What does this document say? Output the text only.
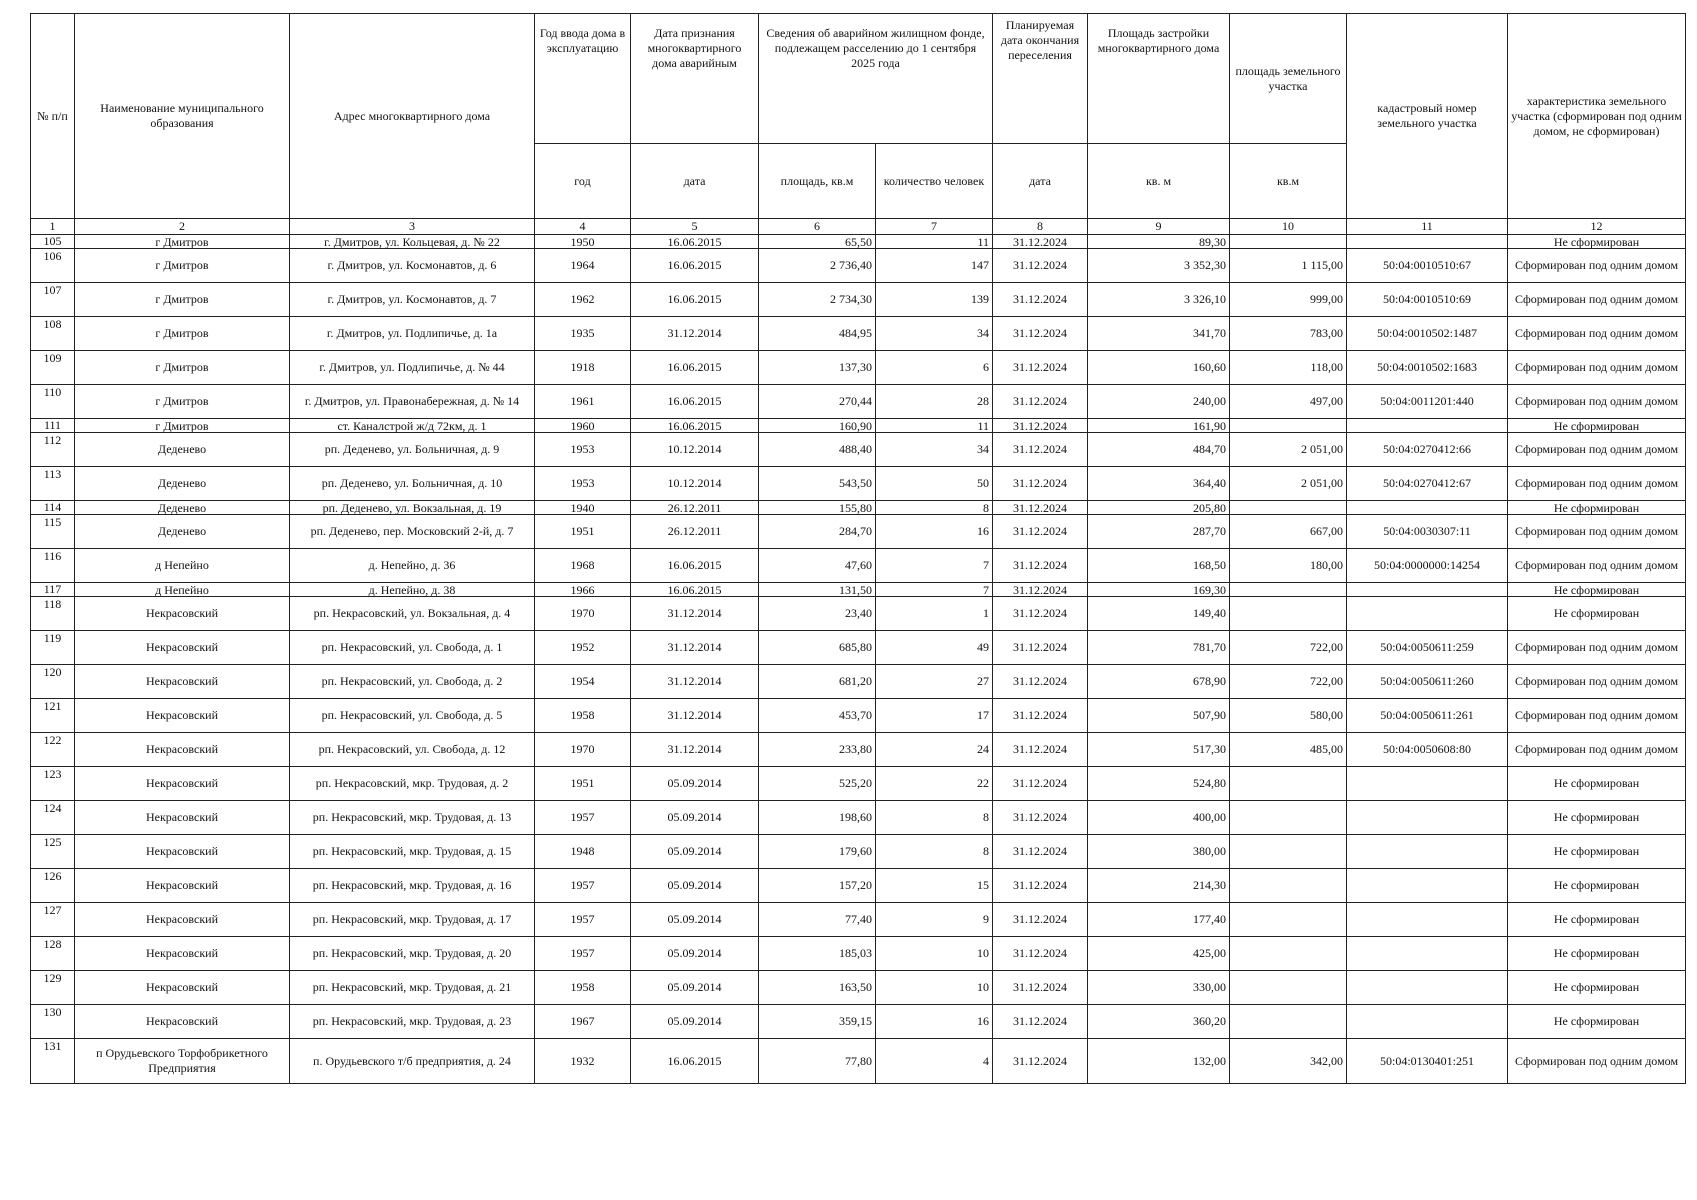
№ п/п	Наименование муниципального образования	Адрес многоквартирного дома	Год ввода дома в эксплуатацию	Дата признания многоквартирного дома аварийным	Сведения об аварийном жилищном фонде, подлежащем расселению до 1 сентября 2025 года		Планируемая дата окончания переселения	Площадь застройки многоквартирного дома	площадь земельного участка	кадастровый номер земельного участка	характеристика земельного участка (сформирован под одним домом, не сформирован)
			год	дата	площадь, кв.м	количество человек	дата	кв. м	кв.м		
1	2	3	4	5	6	7	8	9	10	11	12
105	г Дмитров	г. Дмитров, ул. Кольцевая, д. № 22	1950	16.06.2015	65,50	11	31.12.2024	89,30			Не сформирован
106	г Дмитров	г. Дмитров, ул. Космонавтов, д. 6	1964	16.06.2015	2 736,40	147	31.12.2024	3 352,30	1 115,00	50:04:0010510:67	Сформирован под одним домом
107	г Дмитров	г. Дмитров, ул. Космонавтов, д. 7	1962	16.06.2015	2 734,30	139	31.12.2024	3 326,10	999,00	50:04:0010510:69	Сформирован под одним домом
108	г Дмитров	г. Дмитров, ул. Подлипичье, д. 1а	1935	31.12.2014	484,95	34	31.12.2024	341,70	783,00	50:04:0010502:1487	Сформирован под одним домом
109	г Дмитров	г. Дмитров, ул. Подлипичье, д. № 44	1918	16.06.2015	137,30	6	31.12.2024	160,60	118,00	50:04:0010502:1683	Сформирован под одним домом
110	г Дмитров	г. Дмитров, ул. Правонабережная, д. № 14	1961	16.06.2015	270,44	28	31.12.2024	240,00	497,00	50:04:0011201:440	Сформирован под одним домом
111	г Дмитров	ст. Каналстрой ж/д 72км, д. 1	1960	16.06.2015	160,90	11	31.12.2024	161,90			Не сформирован
112	Деденево	рп. Деденево, ул. Больничная, д. 9	1953	10.12.2014	488,40	34	31.12.2024	484,70	2 051,00	50:04:0270412:66	Сформирован под одним домом
113	Деденево	рп. Деденево, ул. Больничная, д. 10	1953	10.12.2014	543,50	50	31.12.2024	364,40	2 051,00	50:04:0270412:67	Сформирован под одним домом
114	Деденево	рп. Деденево, ул. Вокзальная, д. 19	1940	26.12.2011	155,80	8	31.12.2024	205,80			Не сформирован
115	Деденево	рп. Деденево, пер. Московский 2-й, д. 7	1951	26.12.2011	284,70	16	31.12.2024	287,70	667,00	50:04:0030307:11	Сформирован под одним домом
116	д Непейно	д. Непейно, д. 36	1968	16.06.2015	47,60	7	31.12.2024	168,50	180,00	50:04:0000000:14254	Сформирован под одним домом
117	д Непейно	д. Непейно, д. 38	1966	16.06.2015	131,50	7	31.12.2024	169,30			Не сформирован
118	Некрасовский	рп. Некрасовский, ул. Вокзальная, д. 4	1970	31.12.2014	23,40	1	31.12.2024	149,40			Не сформирован
119	Некрасовский	рп. Некрасовский, ул. Свобода, д. 1	1952	31.12.2014	685,80	49	31.12.2024	781,70	722,00	50:04:0050611:259	Сформирован под одним домом
120	Некрасовский	рп. Некрасовский, ул. Свобода, д. 2	1954	31.12.2014	681,20	27	31.12.2024	678,90	722,00	50:04:0050611:260	Сформирован под одним домом
121	Некрасовский	рп. Некрасовский, ул. Свобода, д. 5	1958	31.12.2014	453,70	17	31.12.2024	507,90	580,00	50:04:0050611:261	Сформирован под одним домом
122	Некрасовский	рп. Некрасовский, ул. Свобода, д. 12	1970	31.12.2014	233,80	24	31.12.2024	517,30	485,00	50:04:0050608:80	Сформирован под одним домом
123	Некрасовский	рп. Некрасовский, мкр. Трудовая, д. 2	1951	05.09.2014	525,20	22	31.12.2024	524,80			Не сформирован
124	Некрасовский	рп. Некрасовский, мкр. Трудовая, д. 13	1957	05.09.2014	198,60	8	31.12.2024	400,00			Не сформирован
125	Некрасовский	рп. Некрасовский, мкр. Трудовая, д. 15	1948	05.09.2014	179,60	8	31.12.2024	380,00			Не сформирован
126	Некрасовский	рп. Некрасовский, мкр. Трудовая, д. 16	1957	05.09.2014	157,20	15	31.12.2024	214,30			Не сформирован
127	Некрасовский	рп. Некрасовский, мкр. Трудовая, д. 17	1957	05.09.2014	77,40	9	31.12.2024	177,40			Не сформирован
128	Некрасовский	рп. Некрасовский, мкр. Трудовая, д. 20	1957	05.09.2014	185,03	10	31.12.2024	425,00			Не сформирован
129	Некрасовский	рп. Некрасовский, мкр. Трудовая, д. 21	1958	05.09.2014	163,50	10	31.12.2024	330,00			Не сформирован
130	Некрасовский	рп. Некрасовский, мкр. Трудовая, д. 23	1967	05.09.2014	359,15	16	31.12.2024	360,20			Не сформирован
131	п Орудьевского Торфобрикетного Предприятия	п. Орудьевского т/б предприятия, д. 24	1932	16.06.2015	77,80	4	31.12.2024	132,00	342,00	50:04:0130401:251	Сформирован под одним домом
